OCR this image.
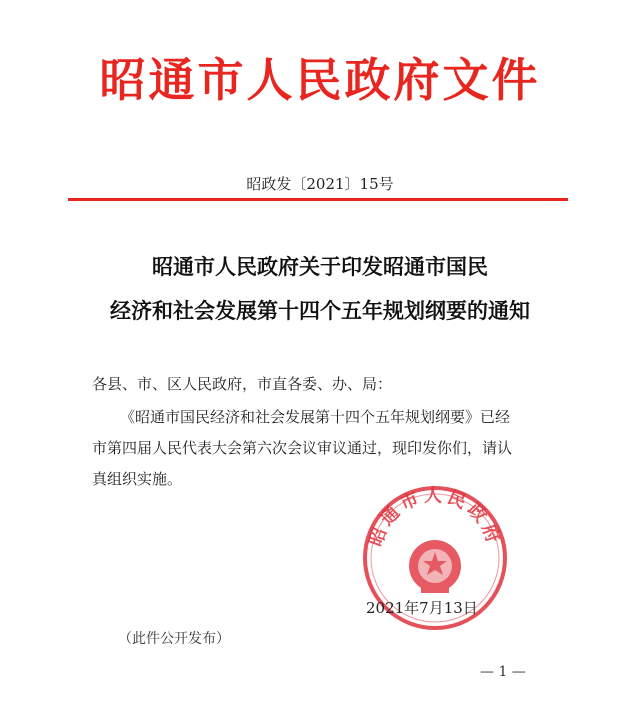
昭通市人民政府文件
昭政发〔2021〕15号
昭通市人民政府关于印发昭通市国民
经济和社会发展第十四个五年规划纲要的通知
各县、市、区人民政府，市直各委、办、局：
《昭通市国民经济和社会发展第十四个五年规划纲要》已经
市第四届人民代表大会第六次会议审议通过，现印发你们，请认
真组织实施。
昭通市人民政府
2021年7月13日
（此件公开发布）
— 1 —
